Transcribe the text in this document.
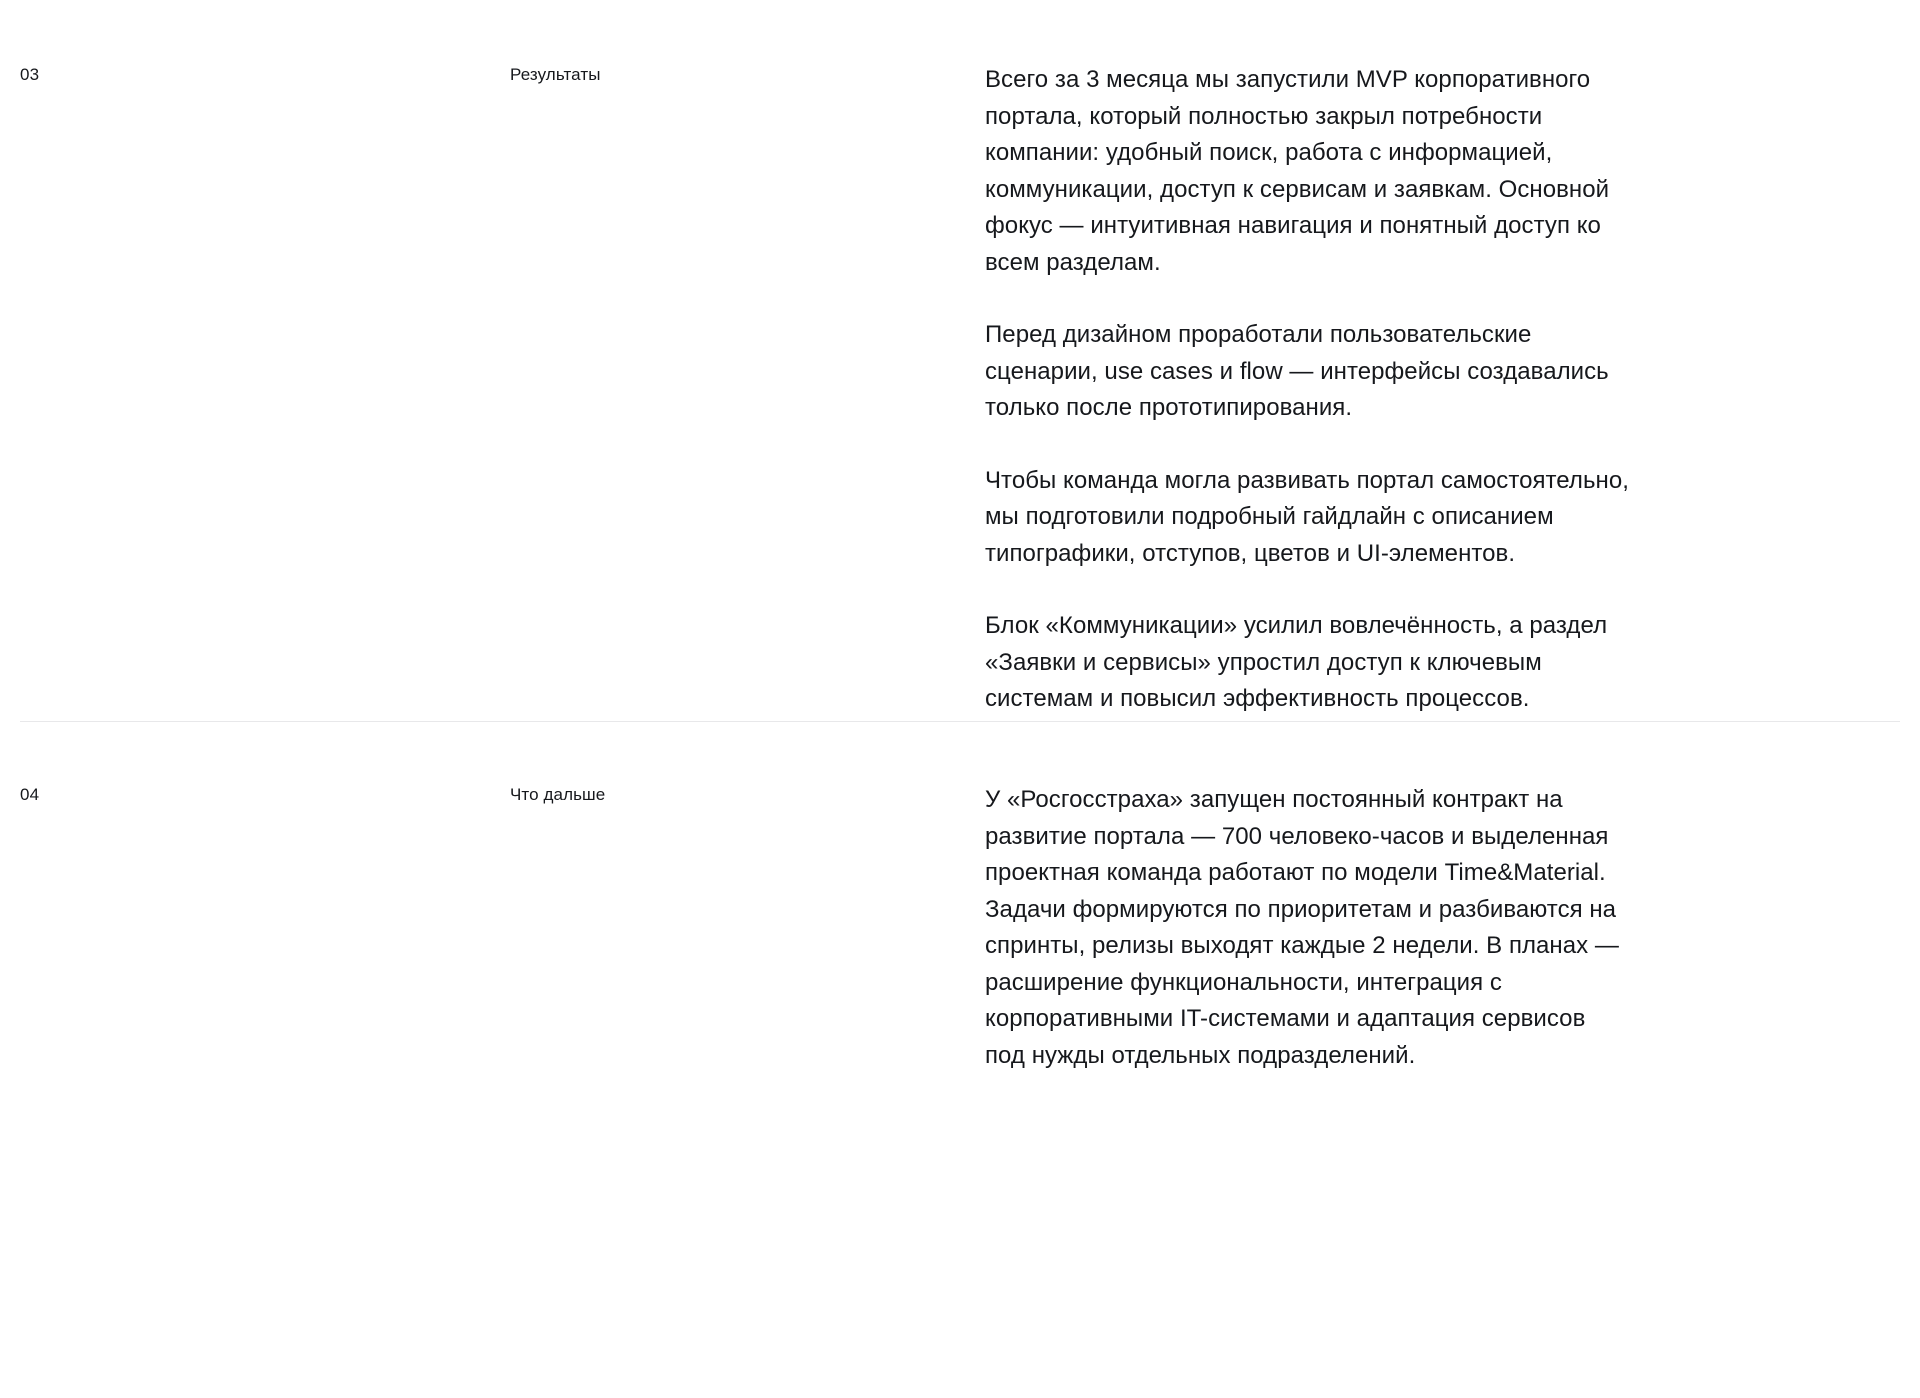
03	Результаты	Всего за 3 месяца мы запустили MVP корпоративного портала, который полностью закрыл потребности компании: удобный поиск, работа с информацией, коммуникации, доступ к сервисам и заявкам. Основной фокус — интуитивная навигация и понятный доступ ко всем разделам.

Перед дизайном проработали пользовательские сценарии, use cases и flow — интерфейсы создавались только после прототипирования.

Чтобы команда могла развивать портал самостоятельно, мы подготовили подробный гайдлайн с описанием типографики, отступов, цветов и UI-элементов.

Блок «Коммуникации» усилил вовлечённость, а раздел «Заявки и сервисы» упростил доступ к ключевым системам и повысил эффективность процессов.

04	Что дальше	У «Росгосстраха» запущен постоянный контракт на развитие портала — 700 человеко-часов и выделенная проектная команда работают по модели Time&Material. Задачи формируются по приоритетам и разбиваются на спринты, релизы выходят каждые 2 недели. В планах — расширение функциональности, интеграция с корпоративными IT-системами и адаптация сервисов под нужды отдельных подразделений.
